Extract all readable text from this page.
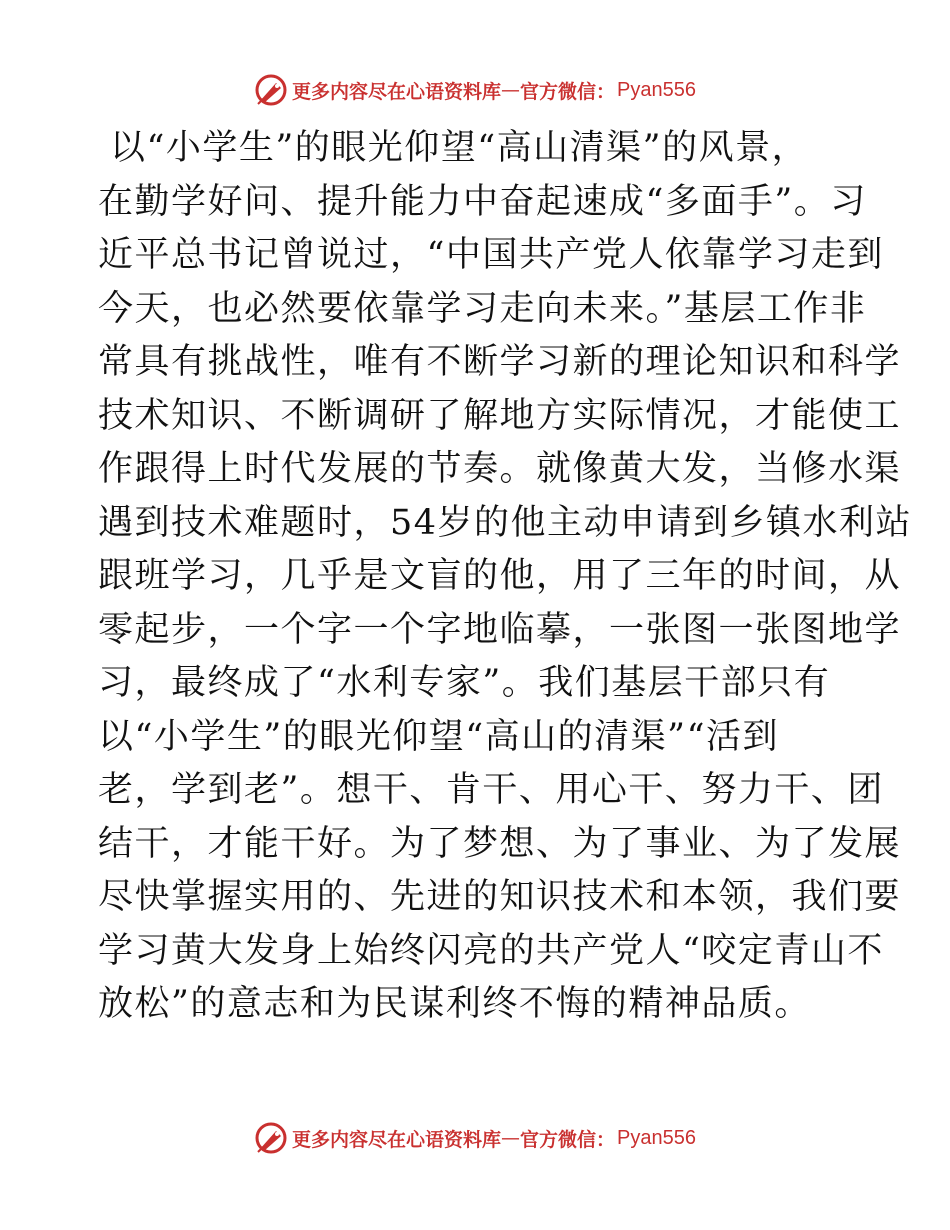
更多内容尽在心语资料库 — 官方微信： Pyan556
以“小学生”的眼光仰望“高山清渠”的风景，
在勤学好问、提升能力中奋起速成“多面手”。习
近平总书记曾说过，“中国共产党人依靠学习走到
今天，也必然要依靠学习走向未来。”基层工作非
常具有挑战性，唯有不断学习新的理论知识和科学
技术知识、不断调研了解地方实际情况，才能使工
作跟得上时代发展的节奏。就像黄大发，当修水渠
遇到技术难题时，54岁的他主动申请到乡镇水利站
跟班学习，几乎是文盲的他，用了三年的时间，从
零起步，一个字一个字地临摹，一张图一张图地学
习，最终成了“水利专家”。我们基层干部只有
以“小学生”的眼光仰望“高山的清渠”“活到
老，学到老”。想干、肯干、用心干、努力干、团
结干，才能干好。为了梦想、为了事业、为了发展
尽快掌握实用的、先进的知识技术和本领，我们要
学习黄大发身上始终闪亮的共产党人“咬定青山不
放松”的意志和为民谋利终不悔的精神品质。
更多内容尽在心语资料库 — 官方微信： Pyan556
